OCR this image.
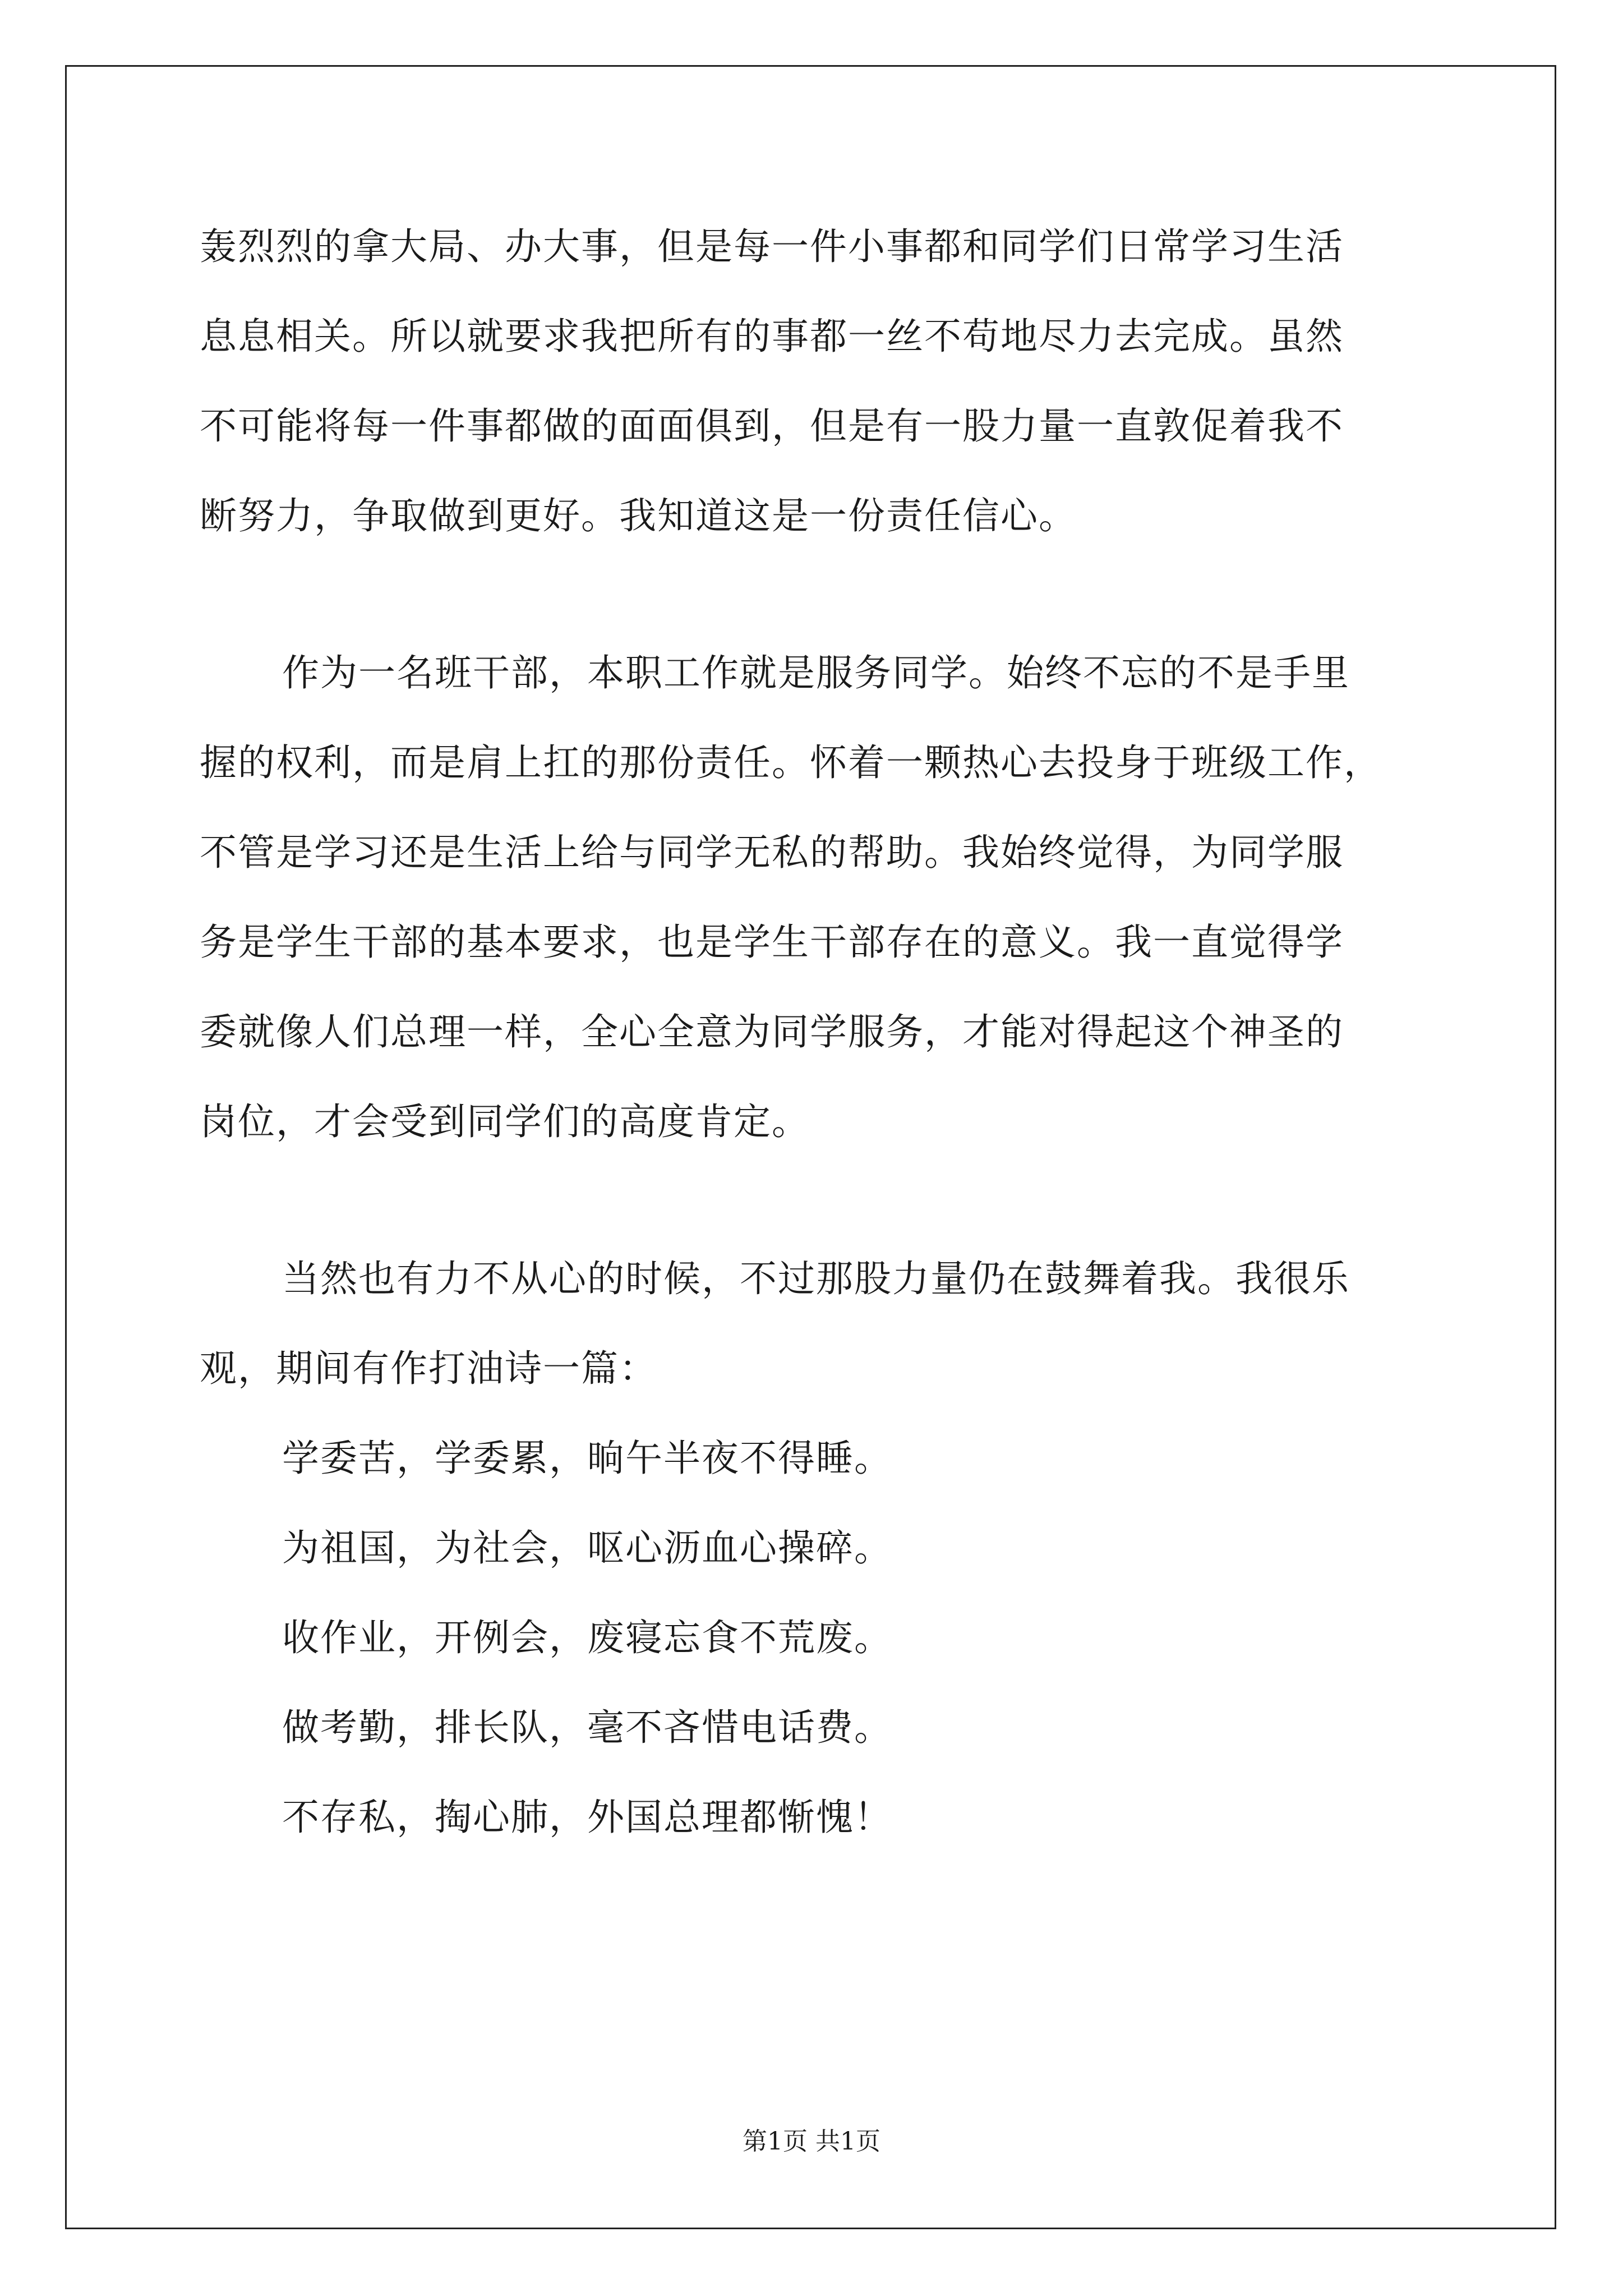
轰烈烈的拿大局、办大事，但是每一件小事都和同学们日常学习生活
息息相关。所以就要求我把所有的事都一丝不苟地尽力去完成。虽然
不可能将每一件事都做的面面俱到，但是有一股力量一直敦促着我不
断努力，争取做到更好。我知道这是一份责任信心。
作为一名班干部，本职工作就是服务同学。始终不忘的不是手里
握的权利，而是肩上扛的那份责任。怀着一颗热心去投身于班级工作，
不管是学习还是生活上给与同学无私的帮助。我始终觉得，为同学服
务是学生干部的基本要求，也是学生干部存在的意义。我一直觉得学
委就像人们总理一样，全心全意为同学服务，才能对得起这个神圣的
岗位，才会受到同学们的高度肯定。
当然也有力不从心的时候，不过那股力量仍在鼓舞着我。我很乐
观，期间有作打油诗一篇：
学委苦，学委累，晌午半夜不得睡。
为祖国，为社会，呕心沥血心操碎。
收作业，开例会，废寝忘食不荒废。
做考勤，排长队，毫不吝惜电话费。
不存私，掏心肺，外国总理都惭愧！
第1页 共1页
